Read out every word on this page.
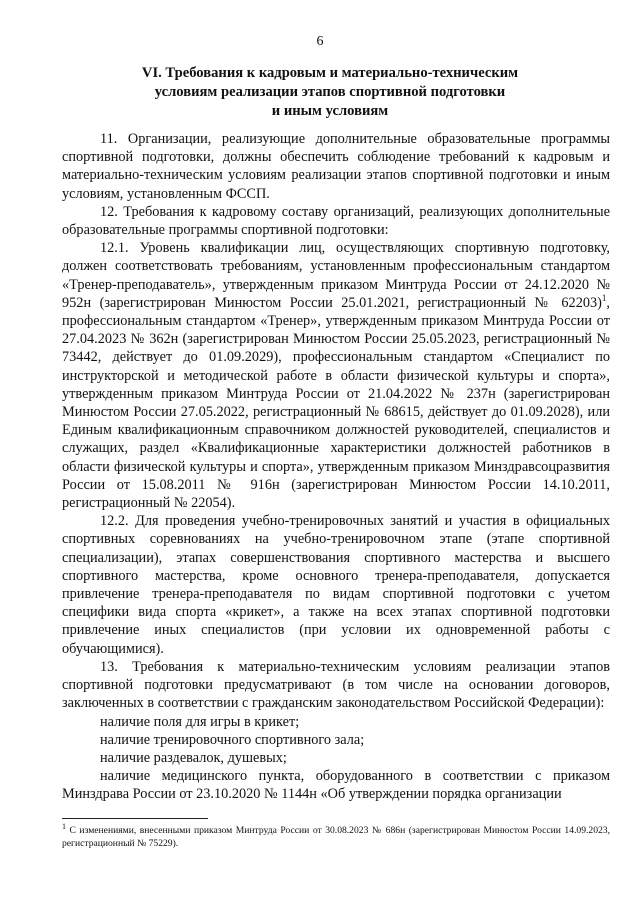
6
VI. Требования к кадровым и материально-техническим
условиям реализации этапов спортивной подготовки
и иным условиям

11. Организации, реализующие дополнительные образовательные программы спортивной подготовки, должны обеспечить соблюдение требований к кадровым и материально-техническим условиям реализации этапов спортивной подготовки и иным условиям, установленным ФССП.

12. Требования к кадровому составу организаций, реализующих дополнительные образовательные программы спортивной подготовки:

12.1. Уровень квалификации лиц, осуществляющих спортивную подготовку, должен соответствовать требованиям, установленным профессиональным стандартом «Тренер-преподаватель», утвержденным приказом Минтруда России от 24.12.2020 № 952н (зарегистрирован Минюстом России 25.01.2021, регистрационный № 62203)$^1$, профессиональным стандартом «Тренер», утвержденным приказом Минтруда России от 27.04.2023 № 362н (зарегистрирован Минюстом России 25.05.2023, регистрационный № 73442, действует до 01.09.2029), профессиональным стандартом «Специалист по инструкторской и методической работе в области физической культуры и спорта», утвержденным приказом Минтруда России от 21.04.2022 № 237н (зарегистрирован Минюстом России 27.05.2022, регистрационный № 68615, действует до 01.09.2028), или Единым квалификационным справочником должностей руководителей, специалистов и служащих, раздел «Квалификационные характеристики должностей работников в области физической культуры и спорта», утвержденным приказом Минздравсоцразвития России от 15.08.2011 № 916н (зарегистрирован Минюстом России 14.10.2011, регистрационный № 22054).

12.2. Для проведения учебно-тренировочных занятий и участия в официальных спортивных соревнованиях на учебно-тренировочном этапе (этапе спортивной специализации), этапах совершенствования спортивного мастерства и высшего спортивного мастерства, кроме основного тренера-преподавателя, допускается привлечение тренера-преподавателя по видам спортивной подготовки с учетом специфики вида спорта «крикет», а также на всех этапах спортивной подготовки привлечение иных специалистов (при условии их одновременной работы с обучающимися).

13. Требования к материально-техническим условиям реализации этапов спортивной подготовки предусматривают (в том числе на основании договоров, заключенных в соответствии с гражданским законодательством Российской Федерации):

наличие поля для игры в крикет;

наличие тренировочного спортивного зала;

наличие раздевалок, душевых;

наличие медицинского пункта, оборудованного в соответствии с приказом Минздрава России от 23.10.2020 № 1144н «Об утверждении порядка организации

$^1$ С изменениями, внесенными приказом Минтруда России от 30.08.2023 № 686н (зарегистрирован Минюстом России 14.09.2023, регистрационный № 75229).
